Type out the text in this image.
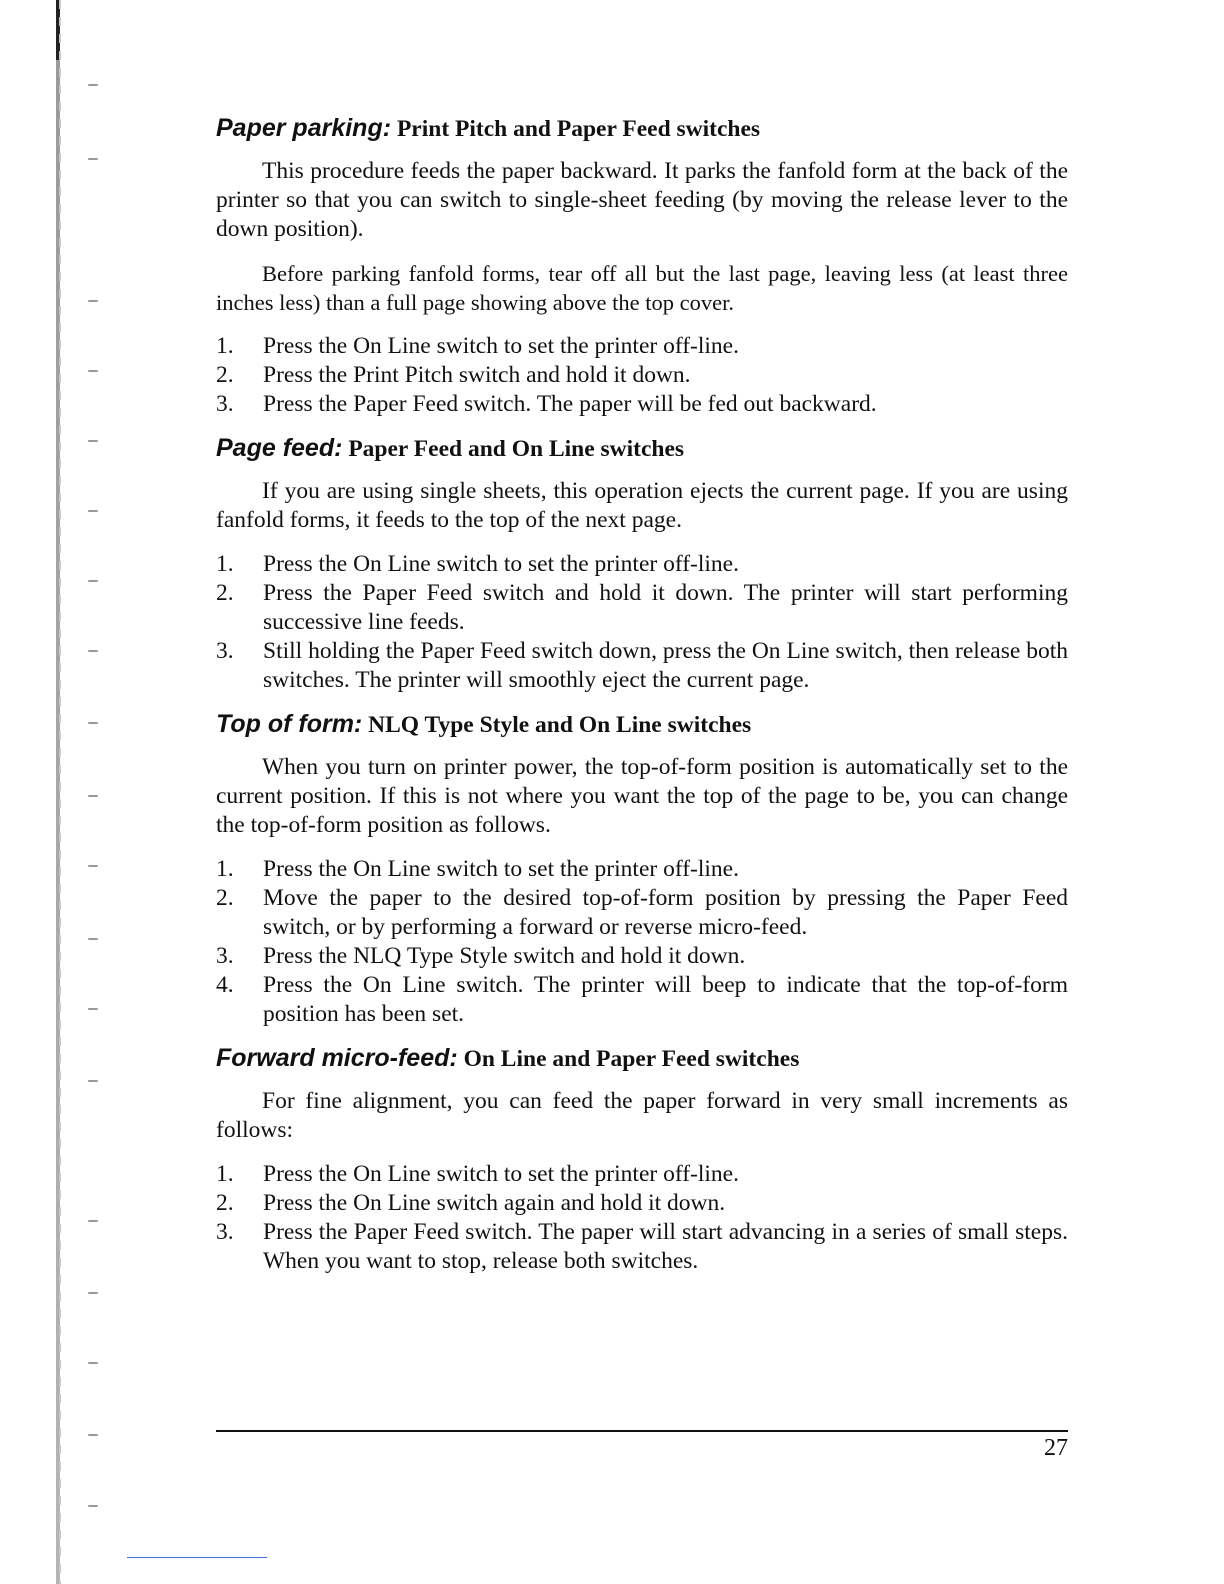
Paper parking: Print Pitch and Paper Feed switches

This procedure feeds the paper backward. It parks the fanfold form at the back of the printer so that you can switch to single-sheet feeding (by moving the release lever to the down position).

Before parking fanfold forms, tear off all but the last page, leaving less (at least three inches less) than a full page showing above the top cover.

1.	Press the On Line switch to set the printer off-line.
2.	Press the Print Pitch switch and hold it down.
3.	Press the Paper Feed switch. The paper will be fed out backward.
Page feed: Paper Feed and On Line switches

If you are using single sheets, this operation ejects the current page. If you are using fanfold forms, it feeds to the top of the next page.

1.	Press the On Line switch to set the printer off-line.
2.	Press the Paper Feed switch and hold it down. The printer will start performing successive line feeds.
3.	Still holding the Paper Feed switch down, press the On Line switch, then release both switches. The printer will smoothly eject the current page.
Top of form: NLQ Type Style and On Line switches

When you turn on printer power, the top-of-form position is automatically set to the current position. If this is not where you want the top of the page to be, you can change the top-of-form position as follows.

1.	Press the On Line switch to set the printer off-line.
2.	Move the paper to the desired top-of-form position by pressing the Paper Feed switch, or by performing a forward or reverse micro-feed.
3.	Press the NLQ Type Style switch and hold it down.
4.	Press the On Line switch. The printer will beep to indicate that the top-of-form position has been set.
Forward micro-feed: On Line and Paper Feed switches

For fine alignment, you can feed the paper forward in very small increments as follows:

1.	Press the On Line switch to set the printer off-line.
2.	Press the On Line switch again and hold it down.
3.	Press the Paper Feed switch. The paper will start advancing in a series of small steps. When you want to stop, release both switches.
27
